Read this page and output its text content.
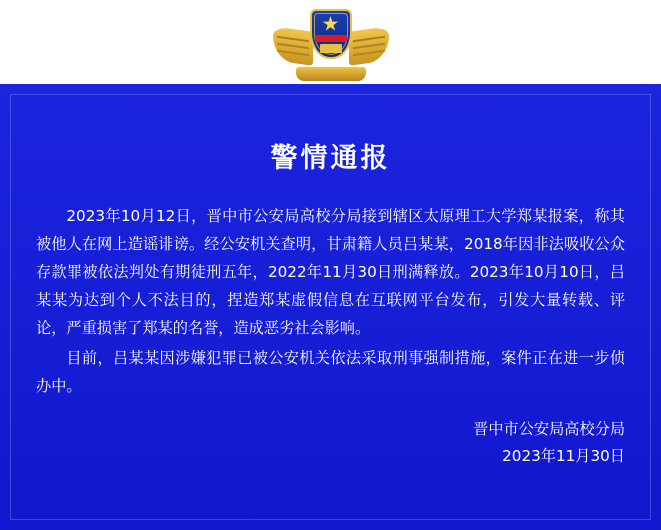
警情通报

2023年10月12日，晋中市公安局高校分局接到辖区太原理工大学郑某报案，称其被他人在网上造谣诽谤。经公安机关查明，甘肃籍人员吕某某，2018年因非法吸收公众存款罪被依法判处有期徒刑五年，2022年11月30日刑满释放。2023年10月10日，吕某某为达到个人不法目的，捏造郑某虚假信息在互联网平台发布，引发大量转载、评论，严重损害了郑某的名誉，造成恶劣社会影响。

目前，吕某某因涉嫌犯罪已被公安机关依法采取刑事强制措施，案件正在进一步侦办中。

晋中市公安局高校分局
2023年11月30日
